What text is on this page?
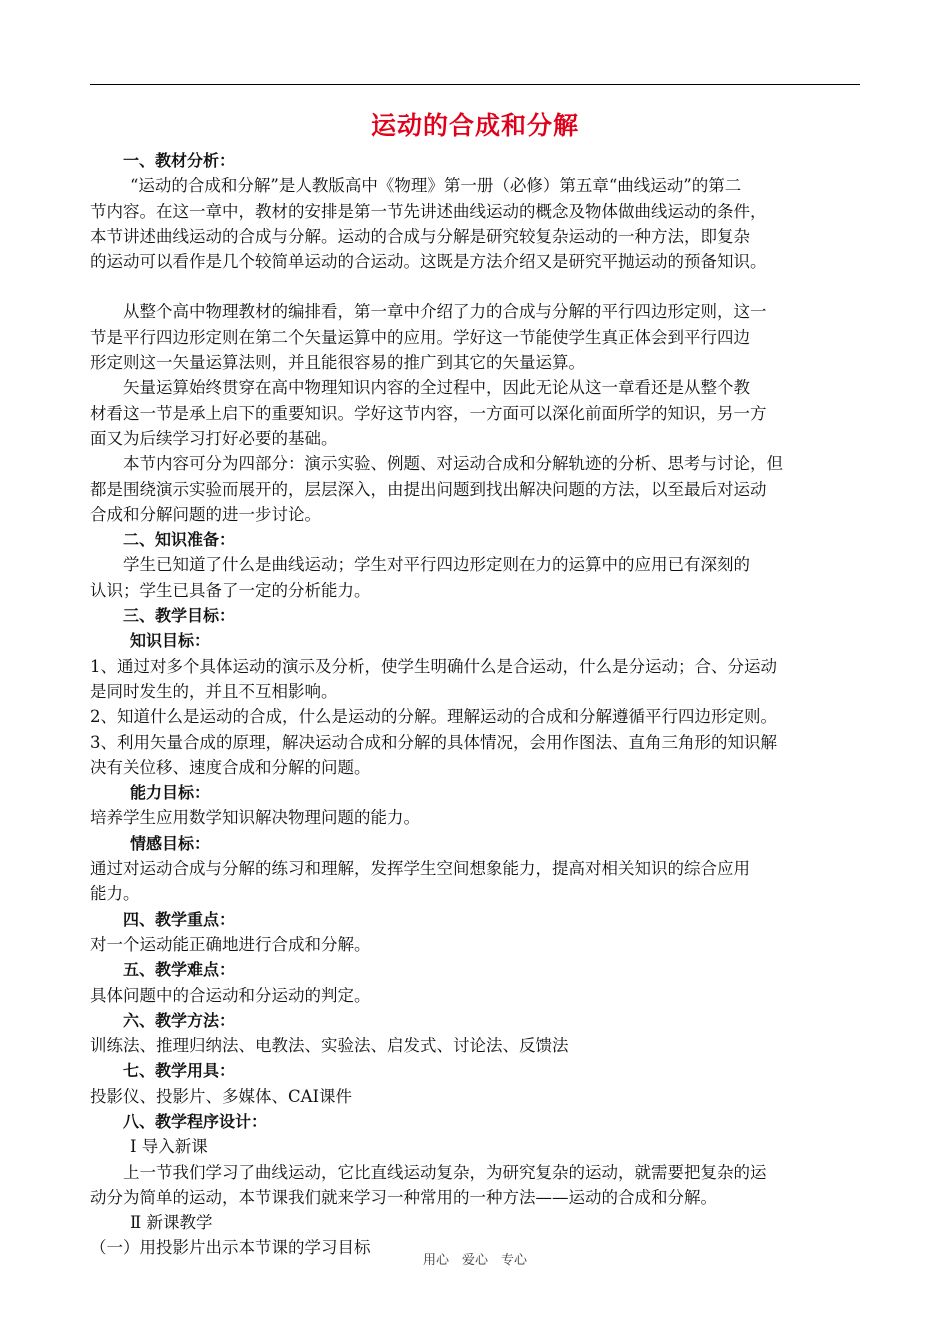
运动的合成和分解
一、教材分析：
“运动的合成和分解”是人教版高中《物理》第一册（必修）第五章“曲线运动”的第二
节内容。在这一章中，教材的安排是第一节先讲述曲线运动的概念及物体做曲线运动的条件，
本节讲述曲线运动的合成与分解。运动的合成与分解是研究较复杂运动的一种方法，即复杂
的运动可以看作是几个较简单运动的合运动。这既是方法介绍又是研究平抛运动的预备知识。
从整个高中物理教材的编排看，第一章中介绍了力的合成与分解的平行四边形定则，这一
节是平行四边形定则在第二个矢量运算中的应用。学好这一节能使学生真正体会到平行四边
形定则这一矢量运算法则，并且能很容易的推广到其它的矢量运算。
矢量运算始终贯穿在高中物理知识内容的全过程中，因此无论从这一章看还是从整个教
材看这一节是承上启下的重要知识。学好这节内容，一方面可以深化前面所学的知识，另一方
面又为后续学习打好必要的基础。
本节内容可分为四部分：演示实验、例题、对运动合成和分解轨迹的分析、思考与讨论，但
都是围绕演示实验而展开的，层层深入，由提出问题到找出解决问题的方法，以至最后对运动
合成和分解问题的进一步讨论。
二、知识准备：
学生已知道了什么是曲线运动；学生对平行四边形定则在力的运算中的应用已有深刻的
认识；学生已具备了一定的分析能力。
三、教学目标：
知识目标：
1、通过对多个具体运动的演示及分析，使学生明确什么是合运动，什么是分运动；合、分运动
是同时发生的，并且不互相影响。
2、知道什么是运动的合成，什么是运动的分解。理解运动的合成和分解遵循平行四边形定则。
3、利用矢量合成的原理，解决运动合成和分解的具体情况，会用作图法、直角三角形的知识解
决有关位移、速度合成和分解的问题。
能力目标：
培养学生应用数学知识解决物理问题的能力。
情感目标：
通过对运动合成与分解的练习和理解，发挥学生空间想象能力，提高对相关知识的综合应用
能力。
四、教学重点：
对一个运动能正确地进行合成和分解。
五、教学难点：
具体问题中的合运动和分运动的判定。
六、教学方法：
训练法、推理归纳法、电教法、实验法、启发式、讨论法、反馈法
七、教学用具：
投影仪、投影片、多媒体、CAI课件
八、教学程序设计：
Ⅰ 导入新课
上一节我们学习了曲线运动，它比直线运动复杂，为研究复杂的运动，就需要把复杂的运
动分为简单的运动，本节课我们就来学习一种常用的一种方法——运动的合成和分解。
Ⅱ 新课教学
（一）用投影片出示本节课的学习目标
用心　爱心　专心
